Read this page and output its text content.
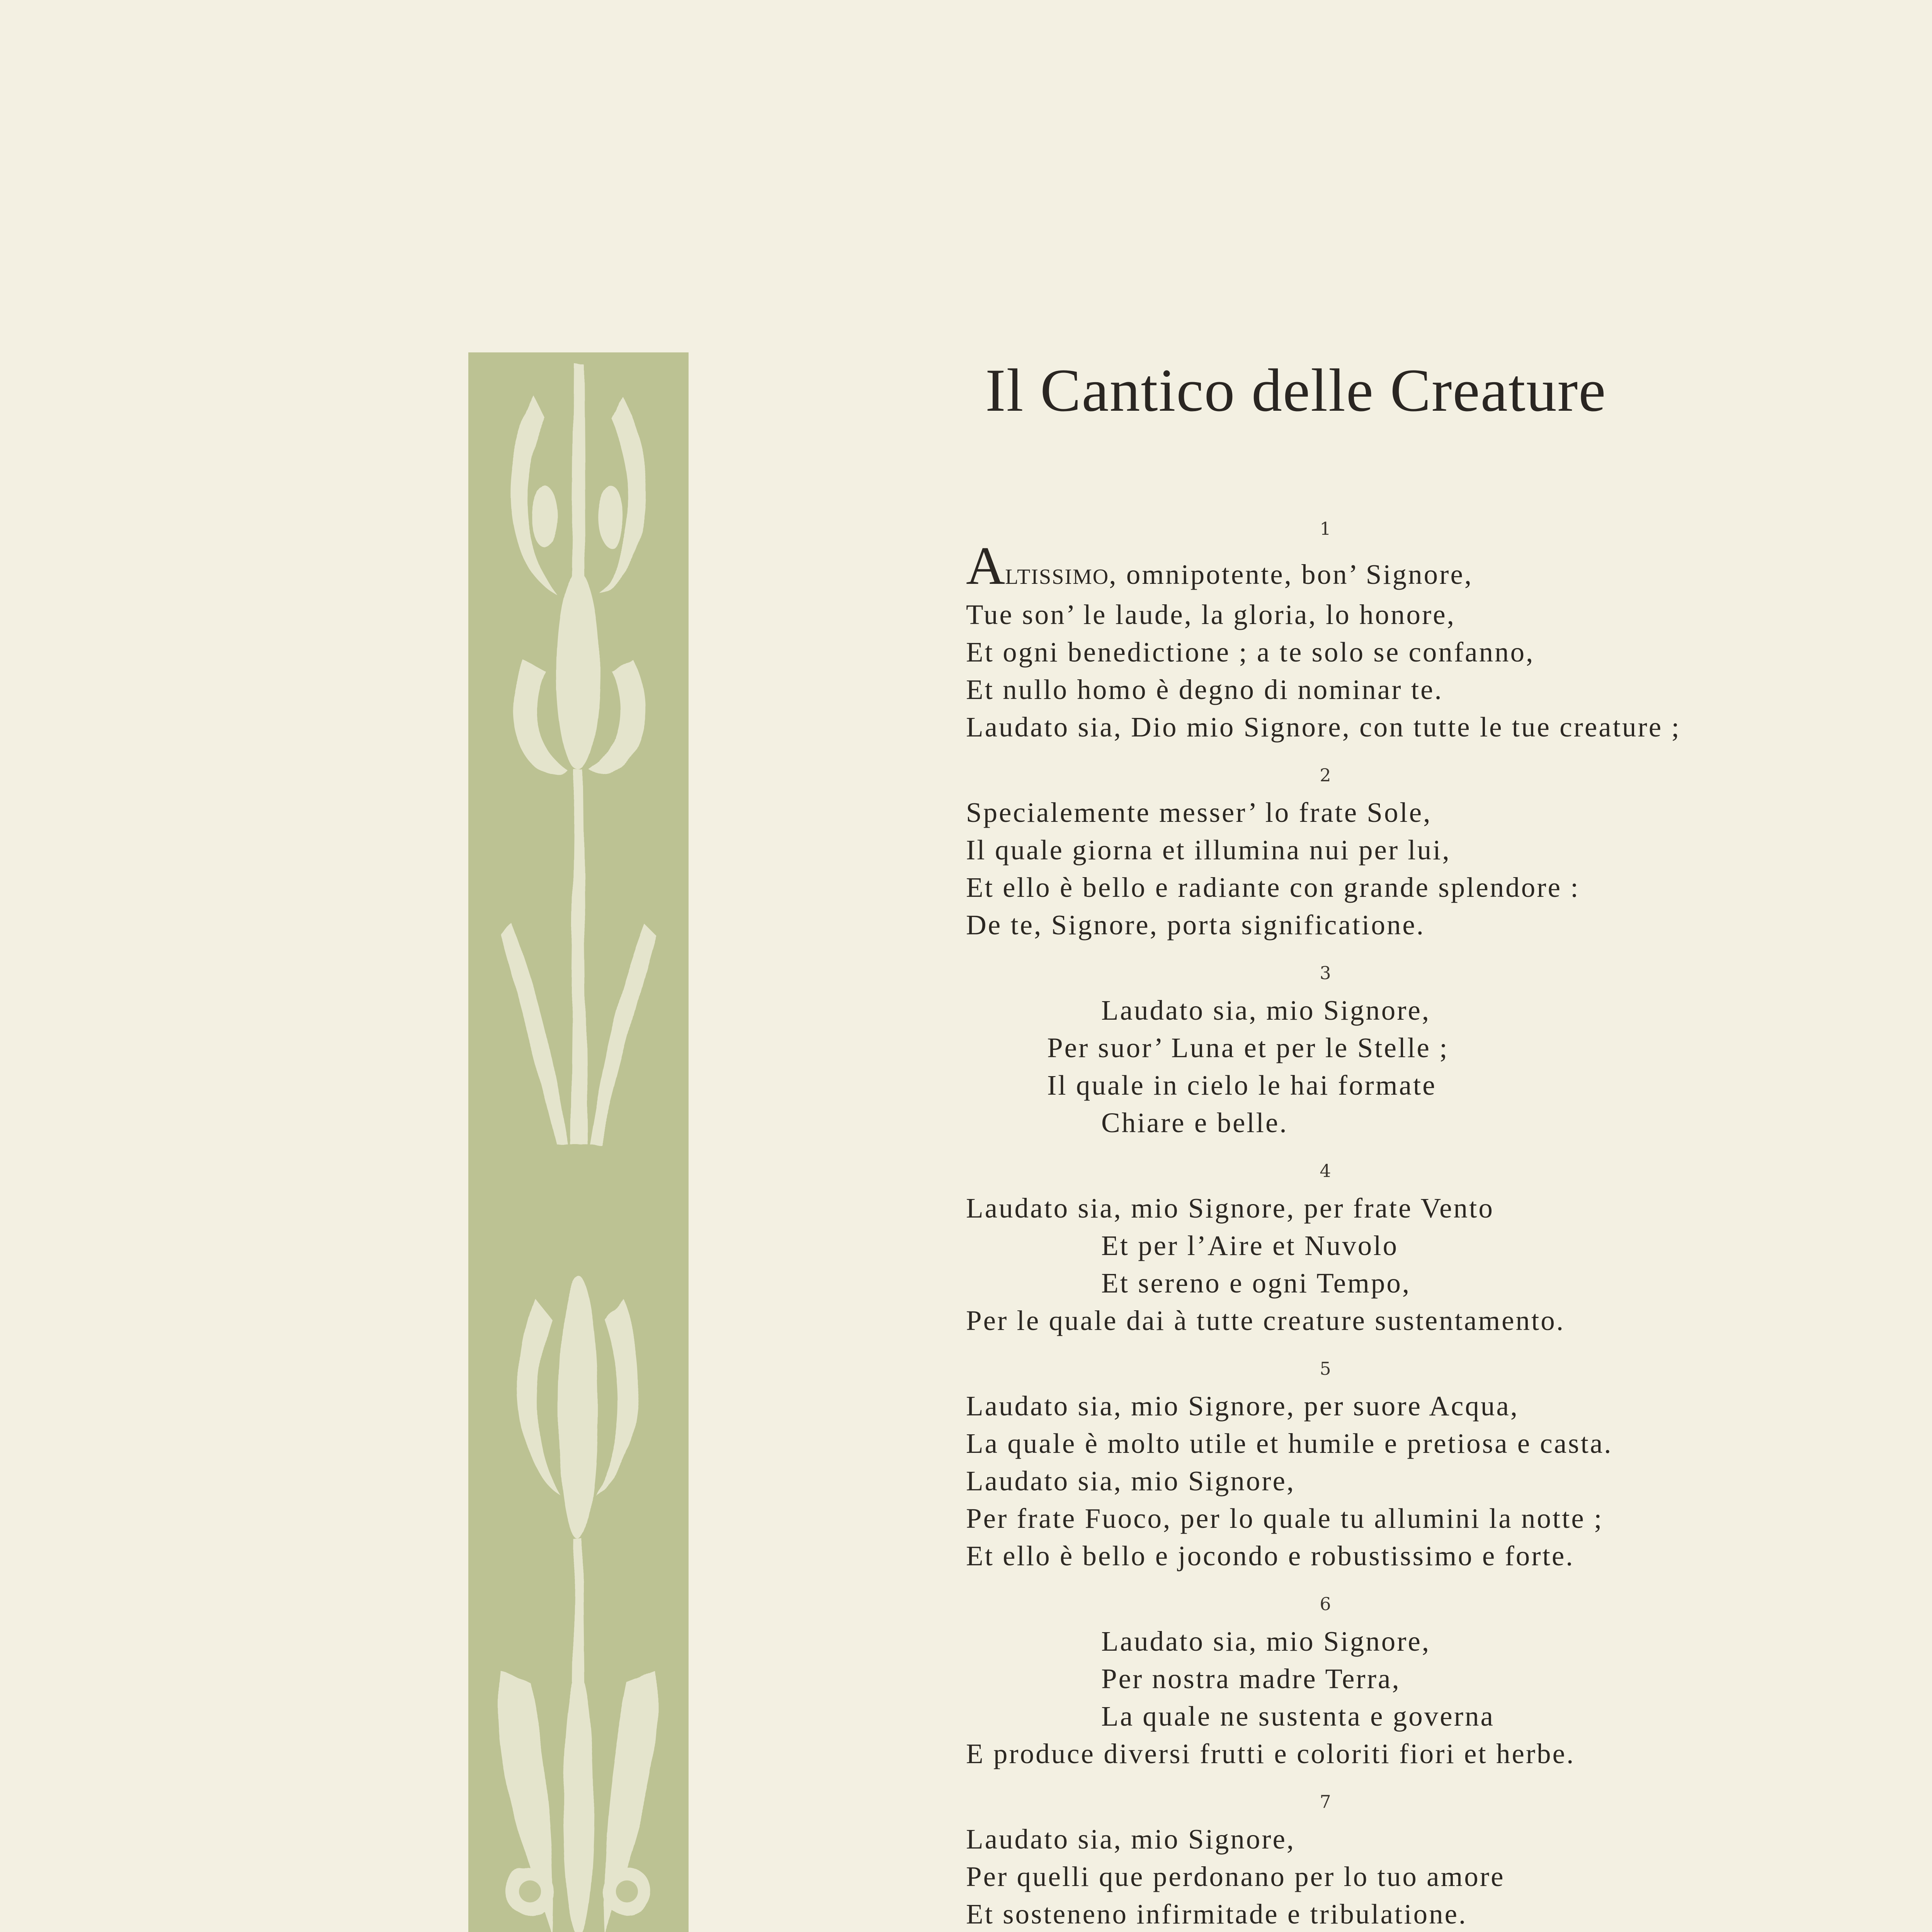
Il Cantico delle Creature
1
ALTISSIMO, omnipotente, bon’ Signore,
Tue son’ le laude, la gloria, lo honore,
Et ogni benedictione ; a te solo se confanno,
Et nullo homo è degno di nominar te.
Laudato sia, Dio mio Signore, con tutte le tue creature ;
2
Specialemente messer’ lo frate Sole,
Il quale giorna et illumina nui per lui,
Et ello è bello e radiante con grande splendore :
De te, Signore, porta significatione.
3
Laudato sia, mio Signore,
Per suor’ Luna et per le Stelle ;
Il quale in cielo le hai formate
Chiare e belle.
4
Laudato sia, mio Signore, per frate Vento
Et per l’Aire et Nuvolo
Et sereno e ogni Tempo,
Per le quale dai à tutte creature sustentamento.
5
Laudato sia, mio Signore, per suore Acqua,
La quale è molto utile et humile e pretiosa e casta.
Laudato sia, mio Signore,
Per frate Fuoco, per lo quale tu allumini la notte ;
Et ello è bello e jocondo e robustissimo e forte.
6
Laudato sia, mio Signore,
Per nostra madre Terra,
La quale ne sustenta e governa
E produce diversi frutti e coloriti fiori et herbe.
7
Laudato sia, mio Signore,
Per quelli que perdonano per lo tuo amore
Et sosteneno infirmitade e tribulatione.
